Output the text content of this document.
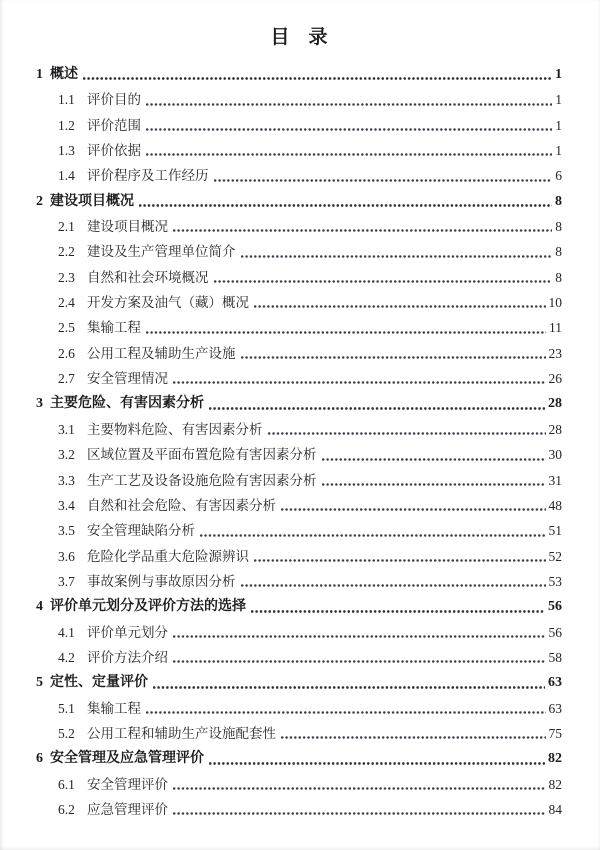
目　录
1 概述	1
1.1 评价目的	1
1.2 评价范围	1
1.3 评价依据	1
1.4 评价程序及工作经历	6
2 建设项目概况	8
2.1 建设项目概况	8
2.2 建设及生产管理单位简介	8
2.3 自然和社会环境概况	8
2.4 开发方案及油气（藏）概况	10
2.5 集输工程	11
2.6 公用工程及辅助生产设施	23
2.7 安全管理情况	26
3 主要危险、有害因素分析	28
3.1 主要物料危险、有害因素分析	28
3.2 区域位置及平面布置危险有害因素分析	30
3.3 生产工艺及设备设施危险有害因素分析	31
3.4 自然和社会危险、有害因素分析	48
3.5 安全管理缺陷分析	51
3.6 危险化学品重大危险源辨识	52
3.7 事故案例与事故原因分析	53
4 评价单元划分及评价方法的选择	56
4.1 评价单元划分	56
4.2 评价方法介绍	58
5 定性、定量评价	63
5.1 集输工程	63
5.2 公用工程和辅助生产设施配套性	75
6 安全管理及应急管理评价	82
6.1 安全管理评价	82
6.2 应急管理评价	84
